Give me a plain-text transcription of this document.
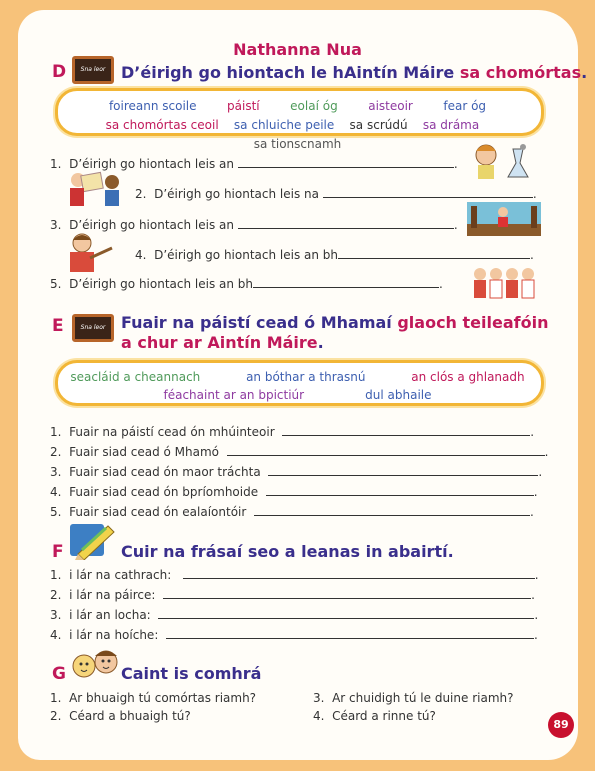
Nathanna Nua
D	Sna leor D’éirigh go hiontach le hAintín Máire sa chomórtas.
foireann scoile	páistí	eolaí óg	aisteoir	fear óg
sa chomórtas ceoil sa chluiche peile sa scrúdú sa dráma   sa tionscnamh
1. D’éirigh go hiontach leis an	.
2. D’éirigh go hiontach leis na	.
3. D’éirigh go hiontach leis an	.
4. D’éirigh go hiontach leis an bh	.
5. D’éirigh go hiontach leis an bh	.
E	Sna leor Fuair na páistí cead ó Mhamaí glaoch teileafóin
a chur ar Aintín Máire.
seacláid a cheannach	an bóthar a thrasnú	an clós a ghlanadh
féachaint ar an bpictiúr	dul abhaile
1. Fuair na páistí cead ón mhúinteoir	.
2. Fuair siad cead ó Mhamó	.
3. Fuair siad cead ón maor tráchta	.
4. Fuair siad cead ón bpríomhoide	.
5. Fuair siad cead ón ealaíontóir	.
F	Cuir na frásaí seo a leanas in abairtí.
1. i lár na cathrach:	.
2. i lár na páirce:	.
3. i lár an locha:	.
4. i lár na hoíche:	.
G	Caint is comhrá
1. Ar bhuaigh tú comórtas riamh?
2. Céard a bhuaigh tú?
3. Ar chuidigh tú le duine riamh?
4. Céard a rinne tú?
89
